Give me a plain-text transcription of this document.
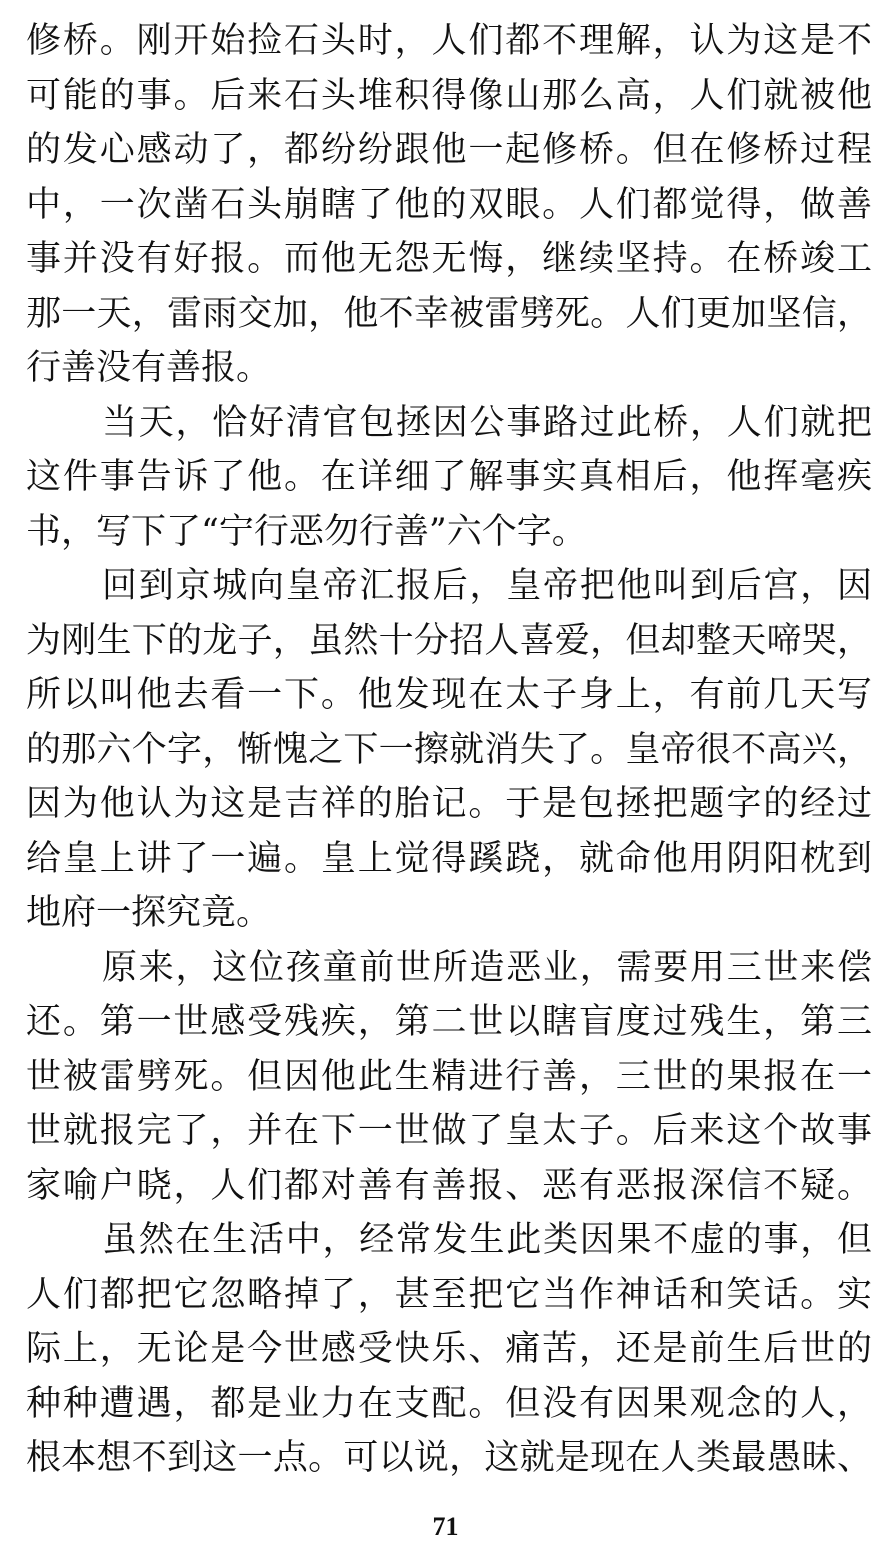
修桥。刚开始捡石头时，人们都不理解，认为这是不
可能的事。后来石头堆积得像山那么高，人们就被他
的发心感动了，都纷纷跟他一起修桥。但在修桥过程
中，一次凿石头崩瞎了他的双眼。人们都觉得，做善
事并没有好报。而他无怨无悔，继续坚持。在桥竣工
那一天，雷雨交加，他不幸被雷劈死。人们更加坚信，
行善没有善报。
当天，恰好清官包拯因公事路过此桥，人们就把
这件事告诉了他。在详细了解事实真相后，他挥毫疾
书，写下了“宁行恶勿行善”六个字。
回到京城向皇帝汇报后，皇帝把他叫到后宫，因
为刚生下的龙子，虽然十分招人喜爱，但却整天啼哭，
所以叫他去看一下。他发现在太子身上，有前几天写
的那六个字，惭愧之下一擦就消失了。皇帝很不高兴，
因为他认为这是吉祥的胎记。于是包拯把题字的经过
给皇上讲了一遍。皇上觉得蹊跷，就命他用阴阳枕到
地府一探究竟。
原来，这位孩童前世所造恶业，需要用三世来偿
还。第一世感受残疾，第二世以瞎盲度过残生，第三
世被雷劈死。但因他此生精进行善，三世的果报在一
世就报完了，并在下一世做了皇太子。后来这个故事
家喻户晓，人们都对善有善报、恶有恶报深信不疑。
虽然在生活中，经常发生此类因果不虚的事，但
人们都把它忽略掉了，甚至把它当作神话和笑话。实
际上，无论是今世感受快乐、痛苦，还是前生后世的
种种遭遇，都是业力在支配。但没有因果观念的人，
根本想不到这一点。可以说，这就是现在人类最愚昧、
71
